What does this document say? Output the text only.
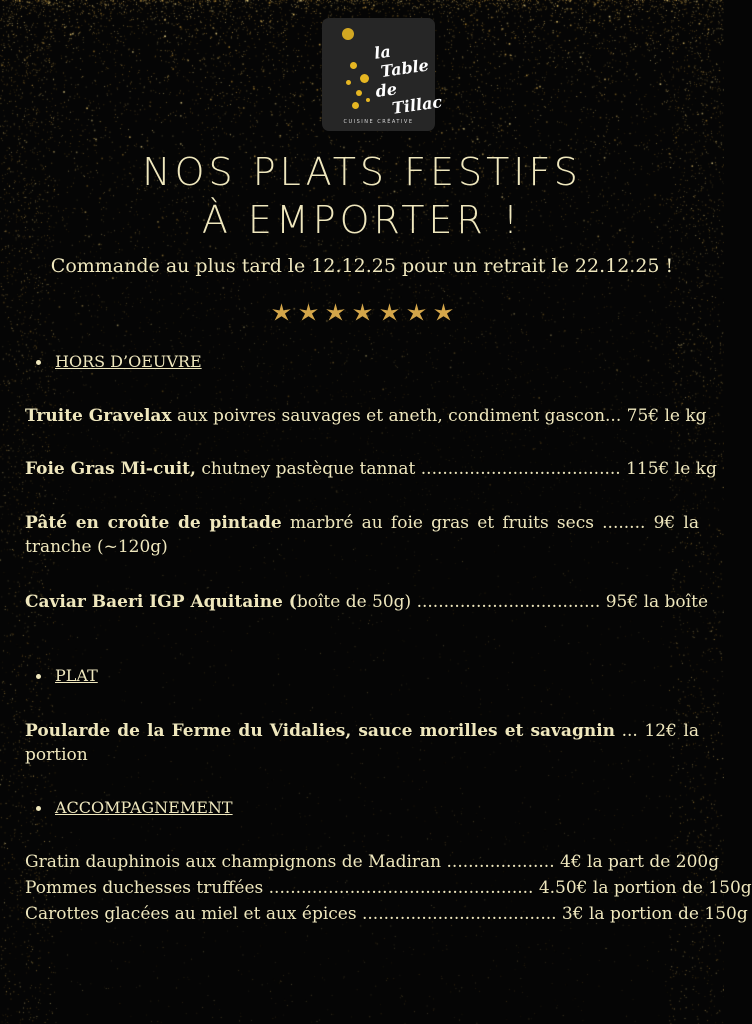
la
Table
de
Tillac
CUISINE CRÉATIVE
NOS PLATS FESTIFS
À EMPORTER !
Commande au plus tard le 12.12.25 pour un retrait le 22.12.25 !
HORS D’OEUVRE
Truite Gravelax aux poivres sauvages et aneth, condiment gascon... 75€ le kg
Foie Gras Mi-cuit, chutney pastèque tannat ..................................... 115€ le kg
Pâté en croûte de pintade marbré au foie gras et fruits secs ........ 9€ la tranche (~120g)
Caviar Baeri IGP Aquitaine (boîte de 50g) .................................. 95€ la boîte
PLAT
Poularde de la Ferme du Vidalies, sauce morilles et savagnin ... 12€ la portion
ACCOMPAGNEMENT
Gratin dauphinois aux champignons de Madiran .................... 4€ la part de 200g
Pommes duchesses truffées ................................................. 4.50€ la portion de 150g
Carottes glacées au miel et aux épices .................................... 3€ la portion de 150g
